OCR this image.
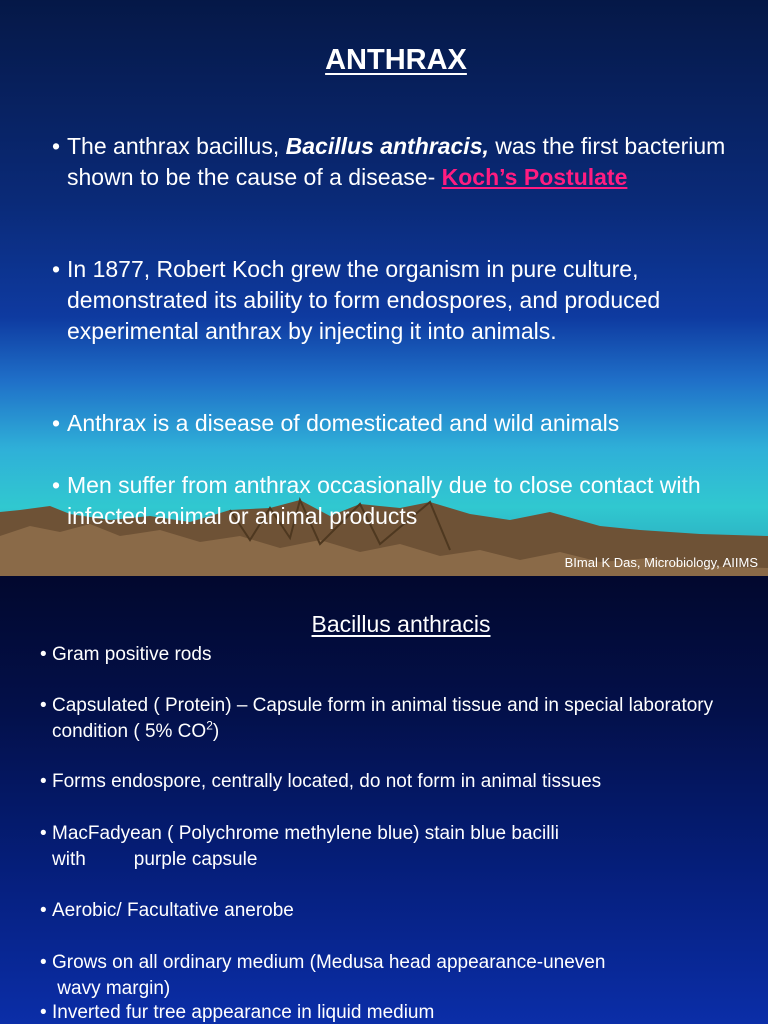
ANTHRAX
• The anthrax bacillus, Bacillus anthracis, was the first bacterium shown to be the cause of a disease- Koch’s Postulate
• In 1877, Robert Koch grew the organism in pure culture, demonstrated its ability to form endospores, and produced experimental anthrax by injecting it into animals.
• Anthrax is a disease of domesticated and wild animals
• Men suffer from anthrax occasionally due to close contact with infected animal or animal products
BImal K Das, Microbiology, AIIMS
Bacillus anthracis
• Gram positive rods
• Capsulated ( Protein) – Capsule form in animal tissue and in special laboratory condition ( 5% $CO^2$)
• Forms endospore, centrally located, do not form in animal tissues
• MacFadyean ( Polychrome methylene blue) stain blue bacilli
with	purple capsule
• Aerobic/ Facultative anerobe
• Grows on all ordinary medium (Medusa head appearance-uneven
wavy margin)
• Inverted fur tree appearance in liquid medium
